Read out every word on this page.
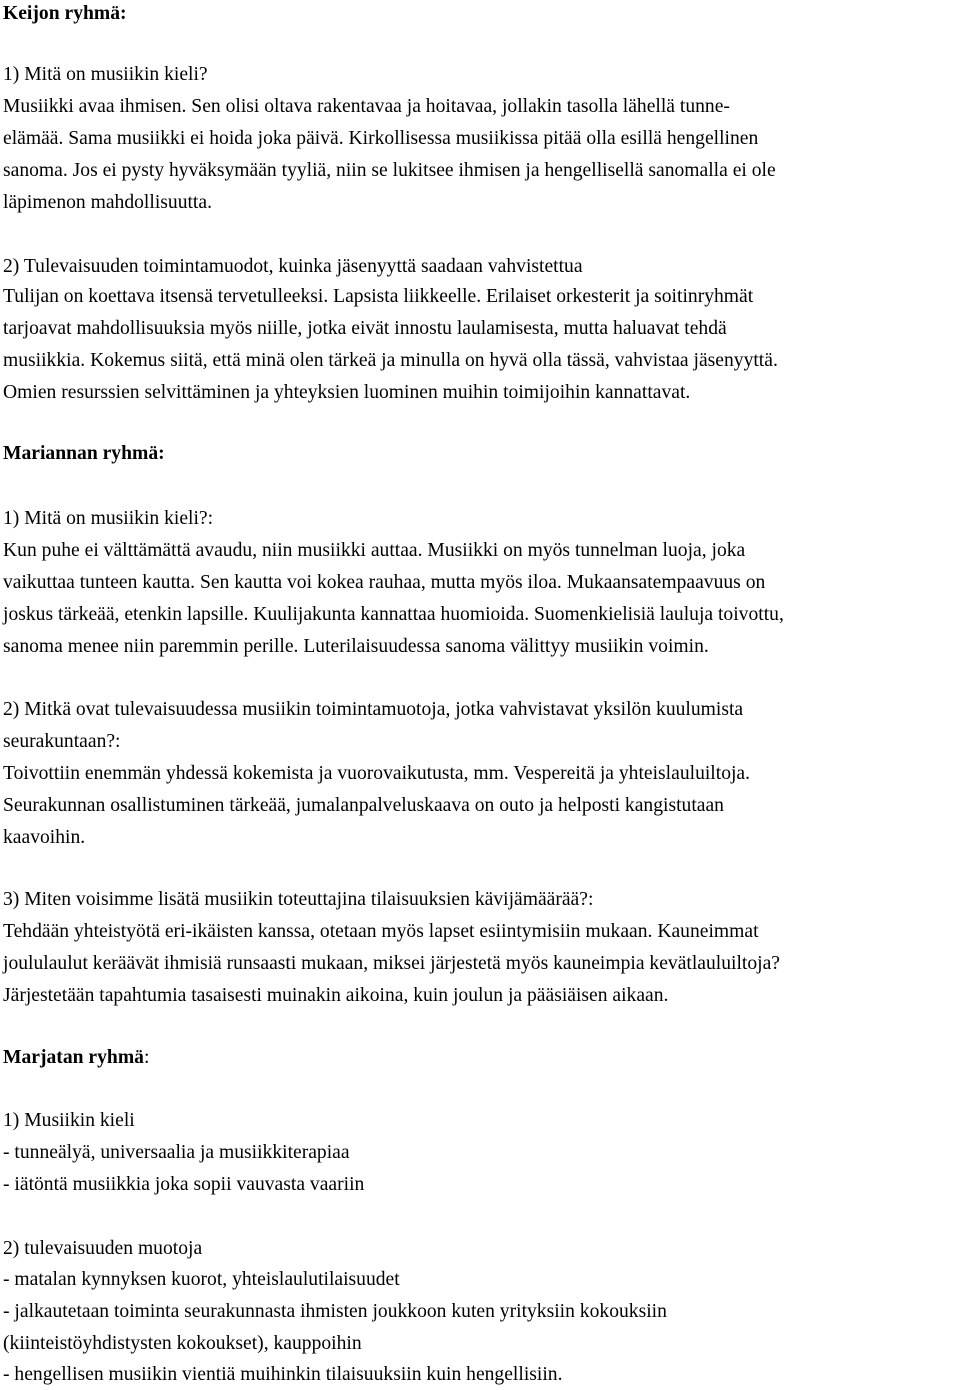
Keijon ryhmä:
1) Mitä on musiikin kieli?
Musiikki avaa ihmisen. Sen olisi oltava rakentavaa ja hoitavaa, jollakin tasolla lähellä tunne-
elämää. Sama musiikki ei hoida joka päivä. Kirkollisessa musiikissa pitää olla esillä hengellinen
sanoma. Jos ei pysty hyväksymään tyyliä, niin se lukitsee ihmisen ja hengellisellä sanomalla ei ole
läpimenon mahdollisuutta.
2) Tulevaisuuden toimintamuodot, kuinka jäsenyyttä saadaan vahvistettua
Tulijan on koettava itsensä tervetulleeksi. Lapsista liikkeelle. Erilaiset orkesterit ja soitinryhmät
tarjoavat mahdollisuuksia myös niille, jotka eivät innostu laulamisesta, mutta haluavat tehdä
musiikkia. Kokemus siitä, että minä olen tärkeä ja minulla on hyvä olla tässä, vahvistaa jäsenyyttä.
Omien resurssien selvittäminen ja yhteyksien luominen muihin toimijoihin kannattavat.
Mariannan ryhmä:
1) Mitä on musiikin kieli?:
Kun puhe ei välttämättä avaudu, niin musiikki auttaa. Musiikki on myös tunnelman luoja, joka
vaikuttaa tunteen kautta. Sen kautta voi kokea rauhaa, mutta myös iloa. Mukaansatempaavuus on
joskus tärkeää, etenkin lapsille. Kuulijakunta kannattaa huomioida. Suomenkielisiä lauluja toivottu,
sanoma menee niin paremmin perille. Luterilaisuudessa sanoma välittyy musiikin voimin.
2) Mitkä ovat tulevaisuudessa musiikin toimintamuotoja, jotka vahvistavat yksilön kuulumista
seurakuntaan?:
Toivottiin enemmän yhdessä kokemista ja vuorovaikutusta, mm. Vespereitä ja yhteislauluiltoja.
Seurakunnan osallistuminen tärkeää, jumalanpalveluskaava on outo ja helposti kangistutaan
kaavoihin.
3) Miten voisimme lisätä musiikin toteuttajina tilaisuuksien kävijämäärää?:
Tehdään yhteistyötä eri-ikäisten kanssa, otetaan myös lapset esiintymisiin mukaan. Kauneimmat
joululaulut keräävät ihmisiä runsaasti mukaan, miksei järjestetä myös kauneimpia kevätlauluiltoja?
Järjestetään tapahtumia tasaisesti muinakin aikoina, kuin joulun ja pääsiäisen aikaan.
Marjatan ryhmä:
1) Musiikin kieli
- tunneälyä, universaalia ja musiikkiterapiaa
- iätöntä musiikkia joka sopii vauvasta vaariin
2) tulevaisuuden muotoja
- matalan kynnyksen kuorot, yhteislaulutilaisuudet
- jalkautetaan toiminta seurakunnasta ihmisten joukkoon kuten yrityksiin kokouksiin
(kiinteistöyhdistysten kokoukset), kauppoihin
- hengellisen musiikin vientiä muihinkin tilaisuuksiin kuin hengellisiin.
